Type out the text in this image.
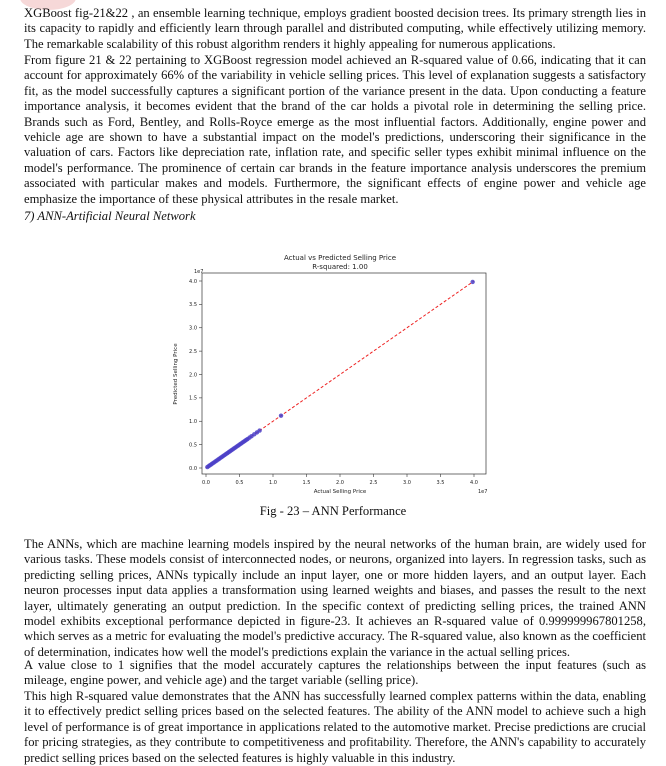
XGBoost fig-21&22 , an ensemble learning technique, employs gradient boosted decision trees. Its primary strength lies in its capacity to rapidly and efficiently learn through parallel and distributed computing, while effectively utilizing memory. The remarkable scalability of this robust algorithm renders it highly appealing for numerous applications.

From figure 21 & 22 pertaining to XGBoost regression model achieved an R-squared value of 0.66, indicating that it can account for approximately 66% of the variability in vehicle selling prices. This level of explanation suggests a satisfactory fit, as the model successfully captures a significant portion of the variance present in the data. Upon conducting a feature importance analysis, it becomes evident that the brand of the car holds a pivotal role in determining the selling price. Brands such as Ford, Bentley, and Rolls-Royce emerge as the most influential factors. Additionally, engine power and vehicle age are shown to have a substantial impact on the model's predictions, underscoring their significance in the valuation of cars. Factors like depreciation rate, inflation rate, and specific seller types exhibit minimal influence on the model's performance. The prominence of certain car brands in the feature importance analysis underscores the premium associated with particular makes and models. Furthermore, the significant effects of engine power and vehicle age emphasize the importance of these physical attributes in the resale market.

7) ANN-Artificial Neural Network

Actual vs Predicted Selling Price
R-squared: 1.00
1e7
1e7
0.0	0.5	1.0	1.5	2.0	2.5	3.0	3.5	4.0
0.0
0.5
1.0
1.5
2.0
2.5
3.0
3.5
4.0
Actual Selling Price
Predicted Selling Price
Fig - 23 – ANN Performance

The ANNs, which are machine learning models inspired by the neural networks of the human brain, are widely used for various tasks. These models consist of interconnected nodes, or neurons, organized into layers. In regression tasks, such as predicting selling prices, ANNs typically include an input layer, one or more hidden layers, and an output layer. Each neuron processes input data applies a transformation using learned weights and biases, and passes the result to the next layer, ultimately generating an output prediction. In the specific context of predicting selling prices, the trained ANN model exhibits exceptional performance depicted in figure-23. It achieves an R-squared value of 0.999999967801258, which serves as a metric for evaluating the model's predictive accuracy. The R-squared value, also known as the coefficient of determination, indicates how well the model's predictions explain the variance in the actual selling prices.

A value close to 1 signifies that the model accurately captures the relationships between the input features (such as mileage, engine power, and vehicle age) and the target variable (selling price).

This high R-squared value demonstrates that the ANN has successfully learned complex patterns within the data, enabling it to effectively predict selling prices based on the selected features. The ability of the ANN model to achieve such a high level of performance is of great importance in applications related to the automotive market. Precise predictions are crucial for pricing strategies, as they contribute to competitiveness and profitability. Therefore, the ANN's capability to accurately predict selling prices based on the selected features is highly valuable in this industry.
